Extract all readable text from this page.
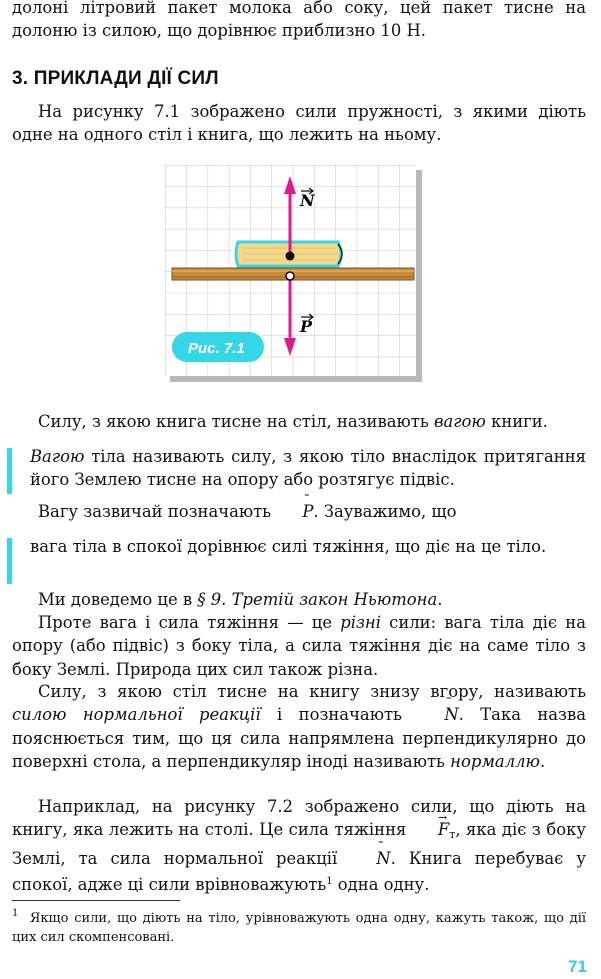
долоні літровий пакет молока або соку, цей пакет тисне на долоню із силою, що дорівнює приблизно 10 Н.
3. ПРИКЛАДИ ДІЇ СИЛ
На рисунку 7.1 зображено сили пружності, з якими діють одне на одного стіл і книга, що лежить на ньому.
N
P
Рис. 7.1
Силу, з якою книга тисне на стіл, називають вагою книги.
Вагою тіла називають силу, з якою тіло внаслідок притягання його Землею тисне на опору або розтягує підвіс.
Вагу зазвичай позначають ¯ P. Зауважимо, що
вага тіла в спокої дорівнює силі тяжіння, що діє на це тіло.
Ми доведемо це в § 9. Третій закон Ньютона.
Проте вага і сила тяжіння — це різні сили: вага тіла діє на опору (або підвіс) з боку тіла, а сила тяжіння діє на саме тіло з боку Землі. Природа цих сил також різна.
Силу, з якою стіл тисне на книгу знизу вгору, називають силою нормальної реакції і позначають ¯ N. Така назва пояснюється тим, що ця сила напрямлена перпендикулярно до поверхні стола, а перпендикуляр іноді називають нормаллю.
Наприклад, на рисунку 7.2 зображено сили, що діють на книгу, яка лежить на столі. Це сила тяжіння → $F_т$, яка діє з боку Землі, та сила нормальної реакції ¯ N. Книга перебуває у спокої, адже ці сили врівноважують$^1$ одна одну.
$^1$ Якщо сили, що діють на тіло, урівноважують одна одну, кажуть також, що дії цих сил скомпенсовані.
71
